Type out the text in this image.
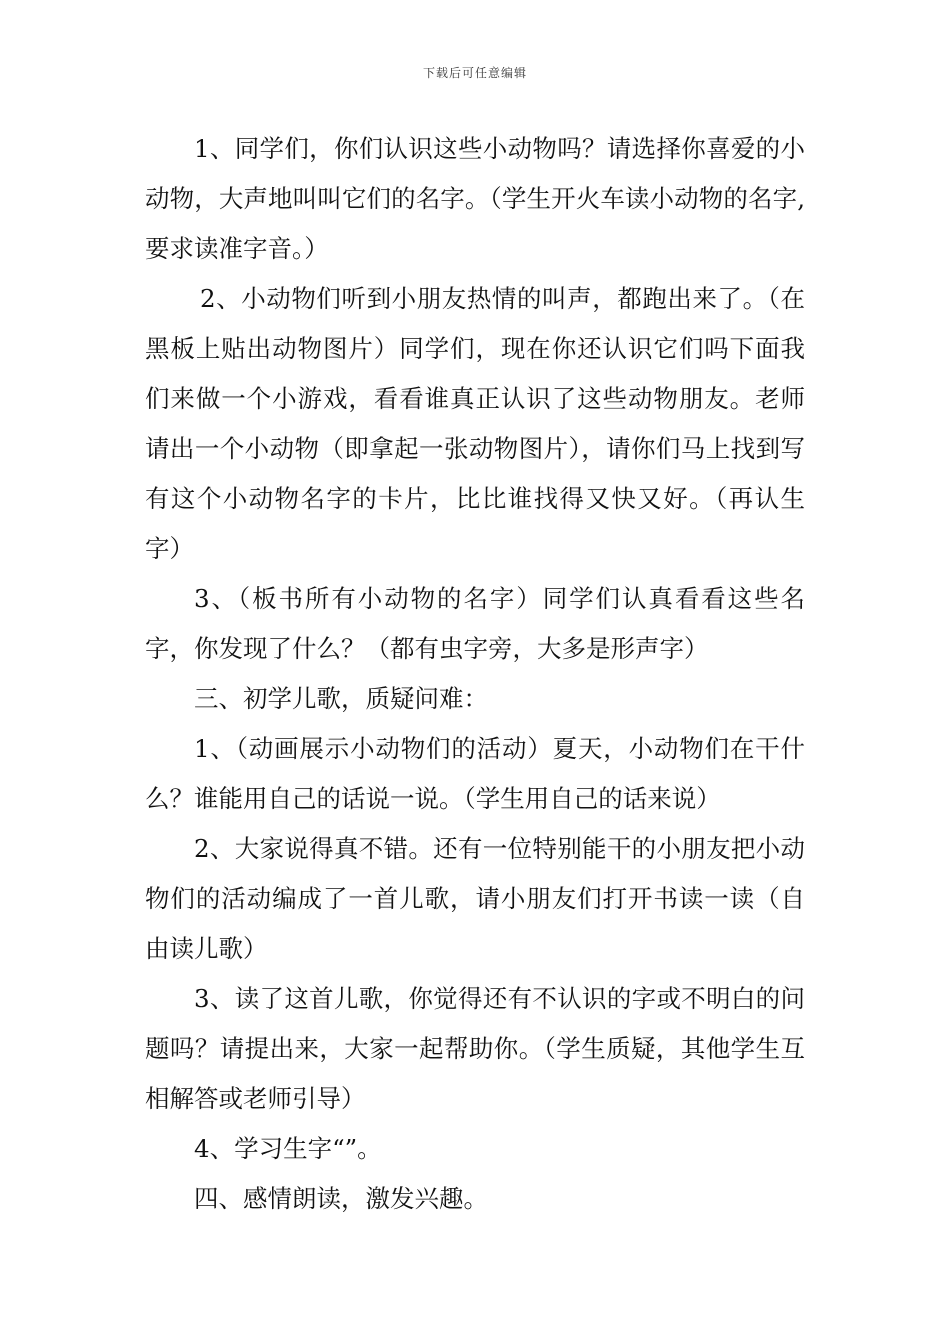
下载后可任意编辑

1、同学们，你们认识这些小动物吗？请选择你喜爱的小动物，大声地叫叫它们的名字。（学生开火车读小动物的名字,要求读准字音。）

2、小动物们听到小朋友热情的叫声，都跑出来了。（在黑板上贴出动物图片）同学们，现在你还认识它们吗下面我们来做一个小游戏，看看谁真正认识了这些动物朋友。老师请出一个小动物（即拿起一张动物图片），请你们马上找到写有这个小动物名字的卡片，比比谁找得又快又好。（再认生字）

3、（板书所有小动物的名字）同学们认真看看这些名字，你发现了什么？（都有虫字旁，大多是形声字）

三、初学儿歌，质疑问难：

1、（动画展示小动物们的活动）夏天，小动物们在干什么？谁能用自己的话说一说。（学生用自己的话来说）

2、大家说得真不错。还有一位特别能干的小朋友把小动物们的活动编成了一首儿歌，请小朋友们打开书读一读（自由读儿歌）

3、读了这首儿歌，你觉得还有不认识的字或不明白的问题吗？请提出来，大家一起帮助你。（学生质疑，其他学生互相解答或老师引导）

4、学习生字“”。

四、感情朗读，激发兴趣。
